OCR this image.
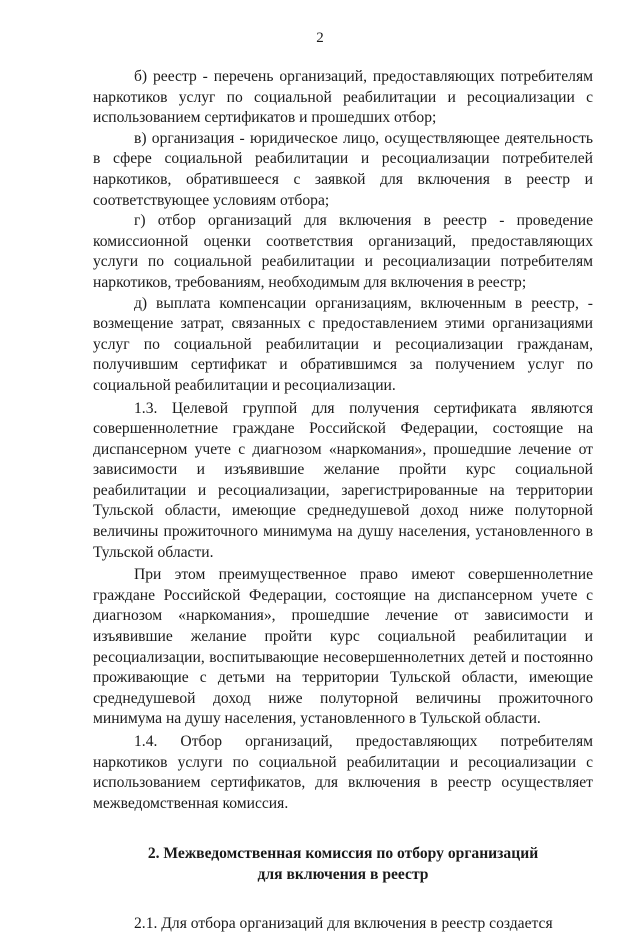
2

б) реестр - перечень организаций, предоставляющих потребителям наркотиков услуг по социальной реабилитации и ресоциализации с использованием сертификатов и прошедших отбор;

в) организация - юридическое лицо, осуществляющее деятельность в сфере социальной реабилитации и ресоциализации потребителей наркотиков, обратившееся с заявкой для включения в реестр и соответствующее условиям отбора;

г) отбор организаций для включения в реестр - проведение комиссионной оценки соответствия организаций, предоставляющих услуги по социальной реабилитации и ресоциализации потребителям наркотиков, требованиям, необходимым для включения в реестр;

д) выплата компенсации организациям, включенным в реестр, - возмещение затрат, связанных с предоставлением этими организациями услуг по социальной реабилитации и ресоциализации гражданам, получившим сертификат и обратившимся за получением услуг по социальной реабилитации и ресоциализации.

1.3. Целевой группой для получения сертификата являются совершеннолетние граждане Российской Федерации, состоящие на диспансерном учете с диагнозом «наркомания», прошедшие лечение от зависимости и изъявившие желание пройти курс социальной реабилитации и ресоциализации, зарегистрированные на территории Тульской области, имеющие среднедушевой доход ниже полуторной величины прожиточного минимума на душу населения, установленного в Тульской области.

При этом преимущественное право имеют совершеннолетние граждане Российской Федерации, состоящие на диспансерном учете с диагнозом «наркомания», прошедшие лечение от зависимости и изъявившие желание пройти курс социальной реабилитации и ресоциализации, воспитывающие несовершеннолетних детей и постоянно проживающие с детьми на территории Тульской области, имеющие среднедушевой доход ниже полуторной величины прожиточного минимума на душу населения, установленного в Тульской области.

1.4. Отбор организаций, предоставляющих потребителям наркотиков услуги по социальной реабилитации и ресоциализации с использованием сертификатов, для включения в реестр осуществляет межведомственная комиссия.

2. Межведомственная комиссия по отбору организаций
для включения в реестр

2.1. Для отбора организаций для включения в реестр создается
